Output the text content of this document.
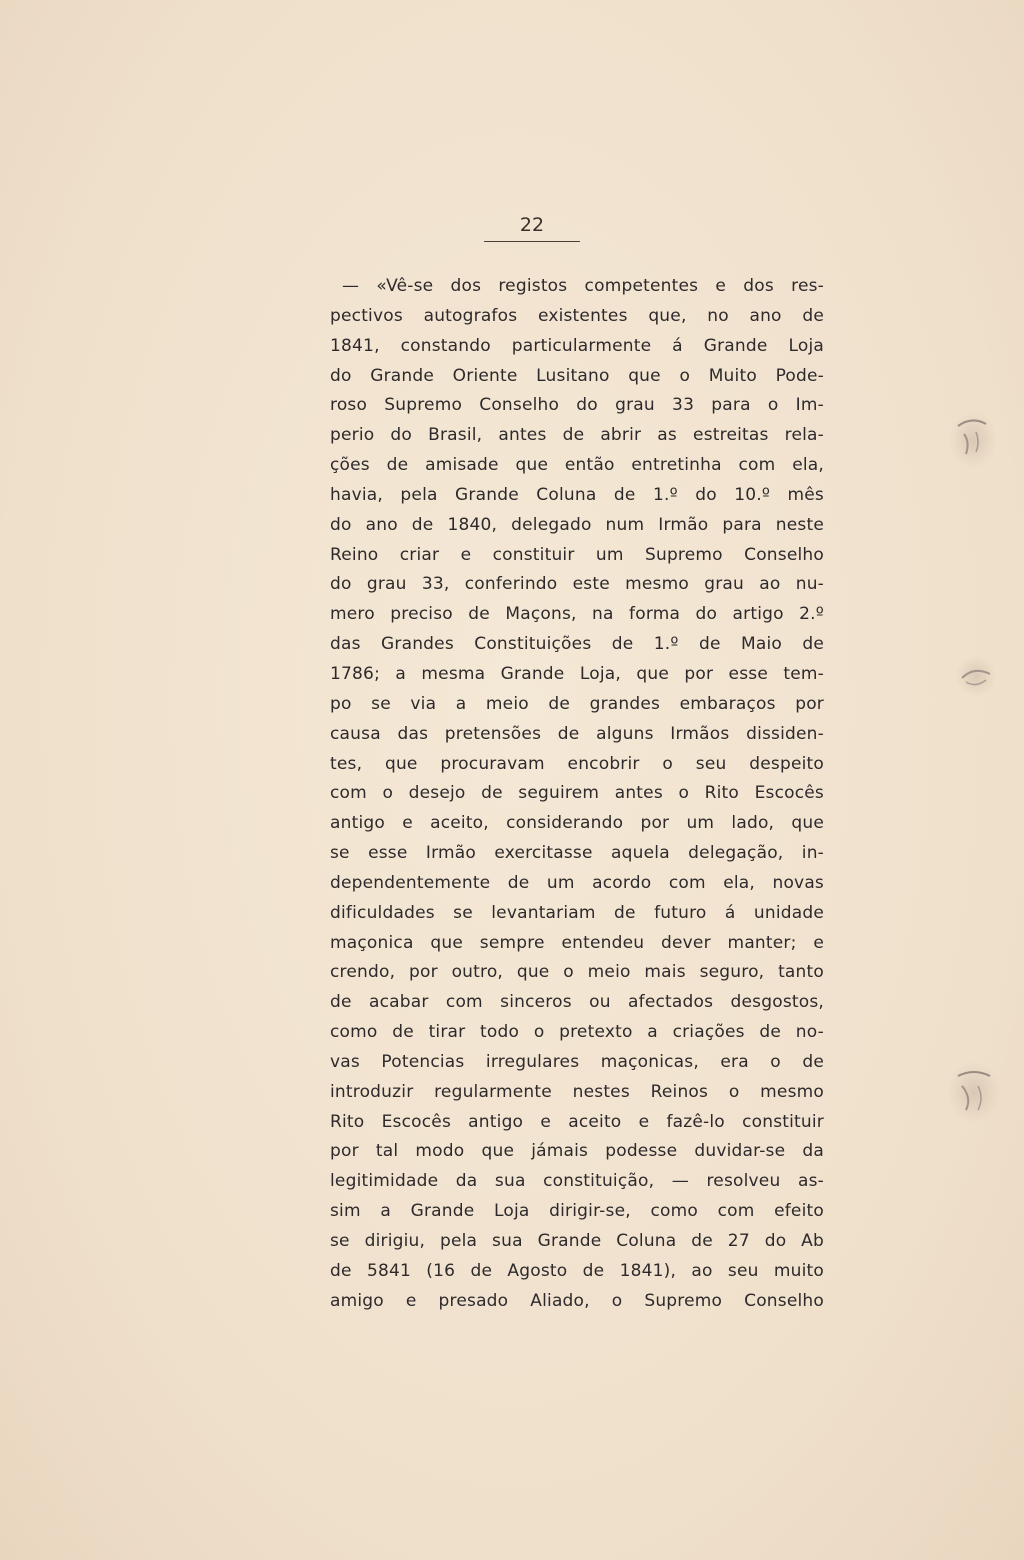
22
— «Vê-se dos registos competentes e dos res-
pectivos autografos existentes que, no ano de
1841, constando particularmente á Grande Loja
do Grande Oriente Lusitano que o Muito Pode-
roso Supremo Conselho do grau 33 para o Im-
perio do Brasil, antes de abrir as estreitas rela-
ções de amisade que então entretinha com ela,
havia, pela Grande Coluna de 1.º do 10.º mês
do ano de 1840, delegado num Irmão para neste
Reino criar e constituir um Supremo Conselho
do grau 33, conferindo este mesmo grau ao nu-
mero preciso de Maçons, na forma do artigo 2.º
das Grandes Constituições de 1.º de Maio de
1786; a mesma Grande Loja, que por esse tem-
po se via a meio de grandes embaraços por
causa das pretensões de alguns Irmãos dissiden-
tes, que procuravam encobrir o seu despeito
com o desejo de seguirem antes o Rito Escocês
antigo e aceito, considerando por um lado, que
se esse Irmão exercitasse aquela delegação, in-
dependentemente de um acordo com ela, novas
dificuldades se levantariam de futuro á unidade
maçonica que sempre entendeu dever manter; e
crendo, por outro, que o meio mais seguro, tanto
de acabar com sinceros ou afectados desgostos,
como de tirar todo o pretexto a criações de no-
vas Potencias irregulares maçonicas, era o de
introduzir regularmente nestes Reinos o mesmo
Rito Escocês antigo e aceito e fazê-lo constituir
por tal modo que jámais podesse duvidar-se da
legitimidade da sua constituição, — resolveu as-
sim a Grande Loja dirigir-se, como com efeito
se dirigiu, pela sua Grande Coluna de 27 do Ab
de 5841 (16 de Agosto de 1841), ao seu muito
amigo e presado Aliado, o Supremo Conselho
